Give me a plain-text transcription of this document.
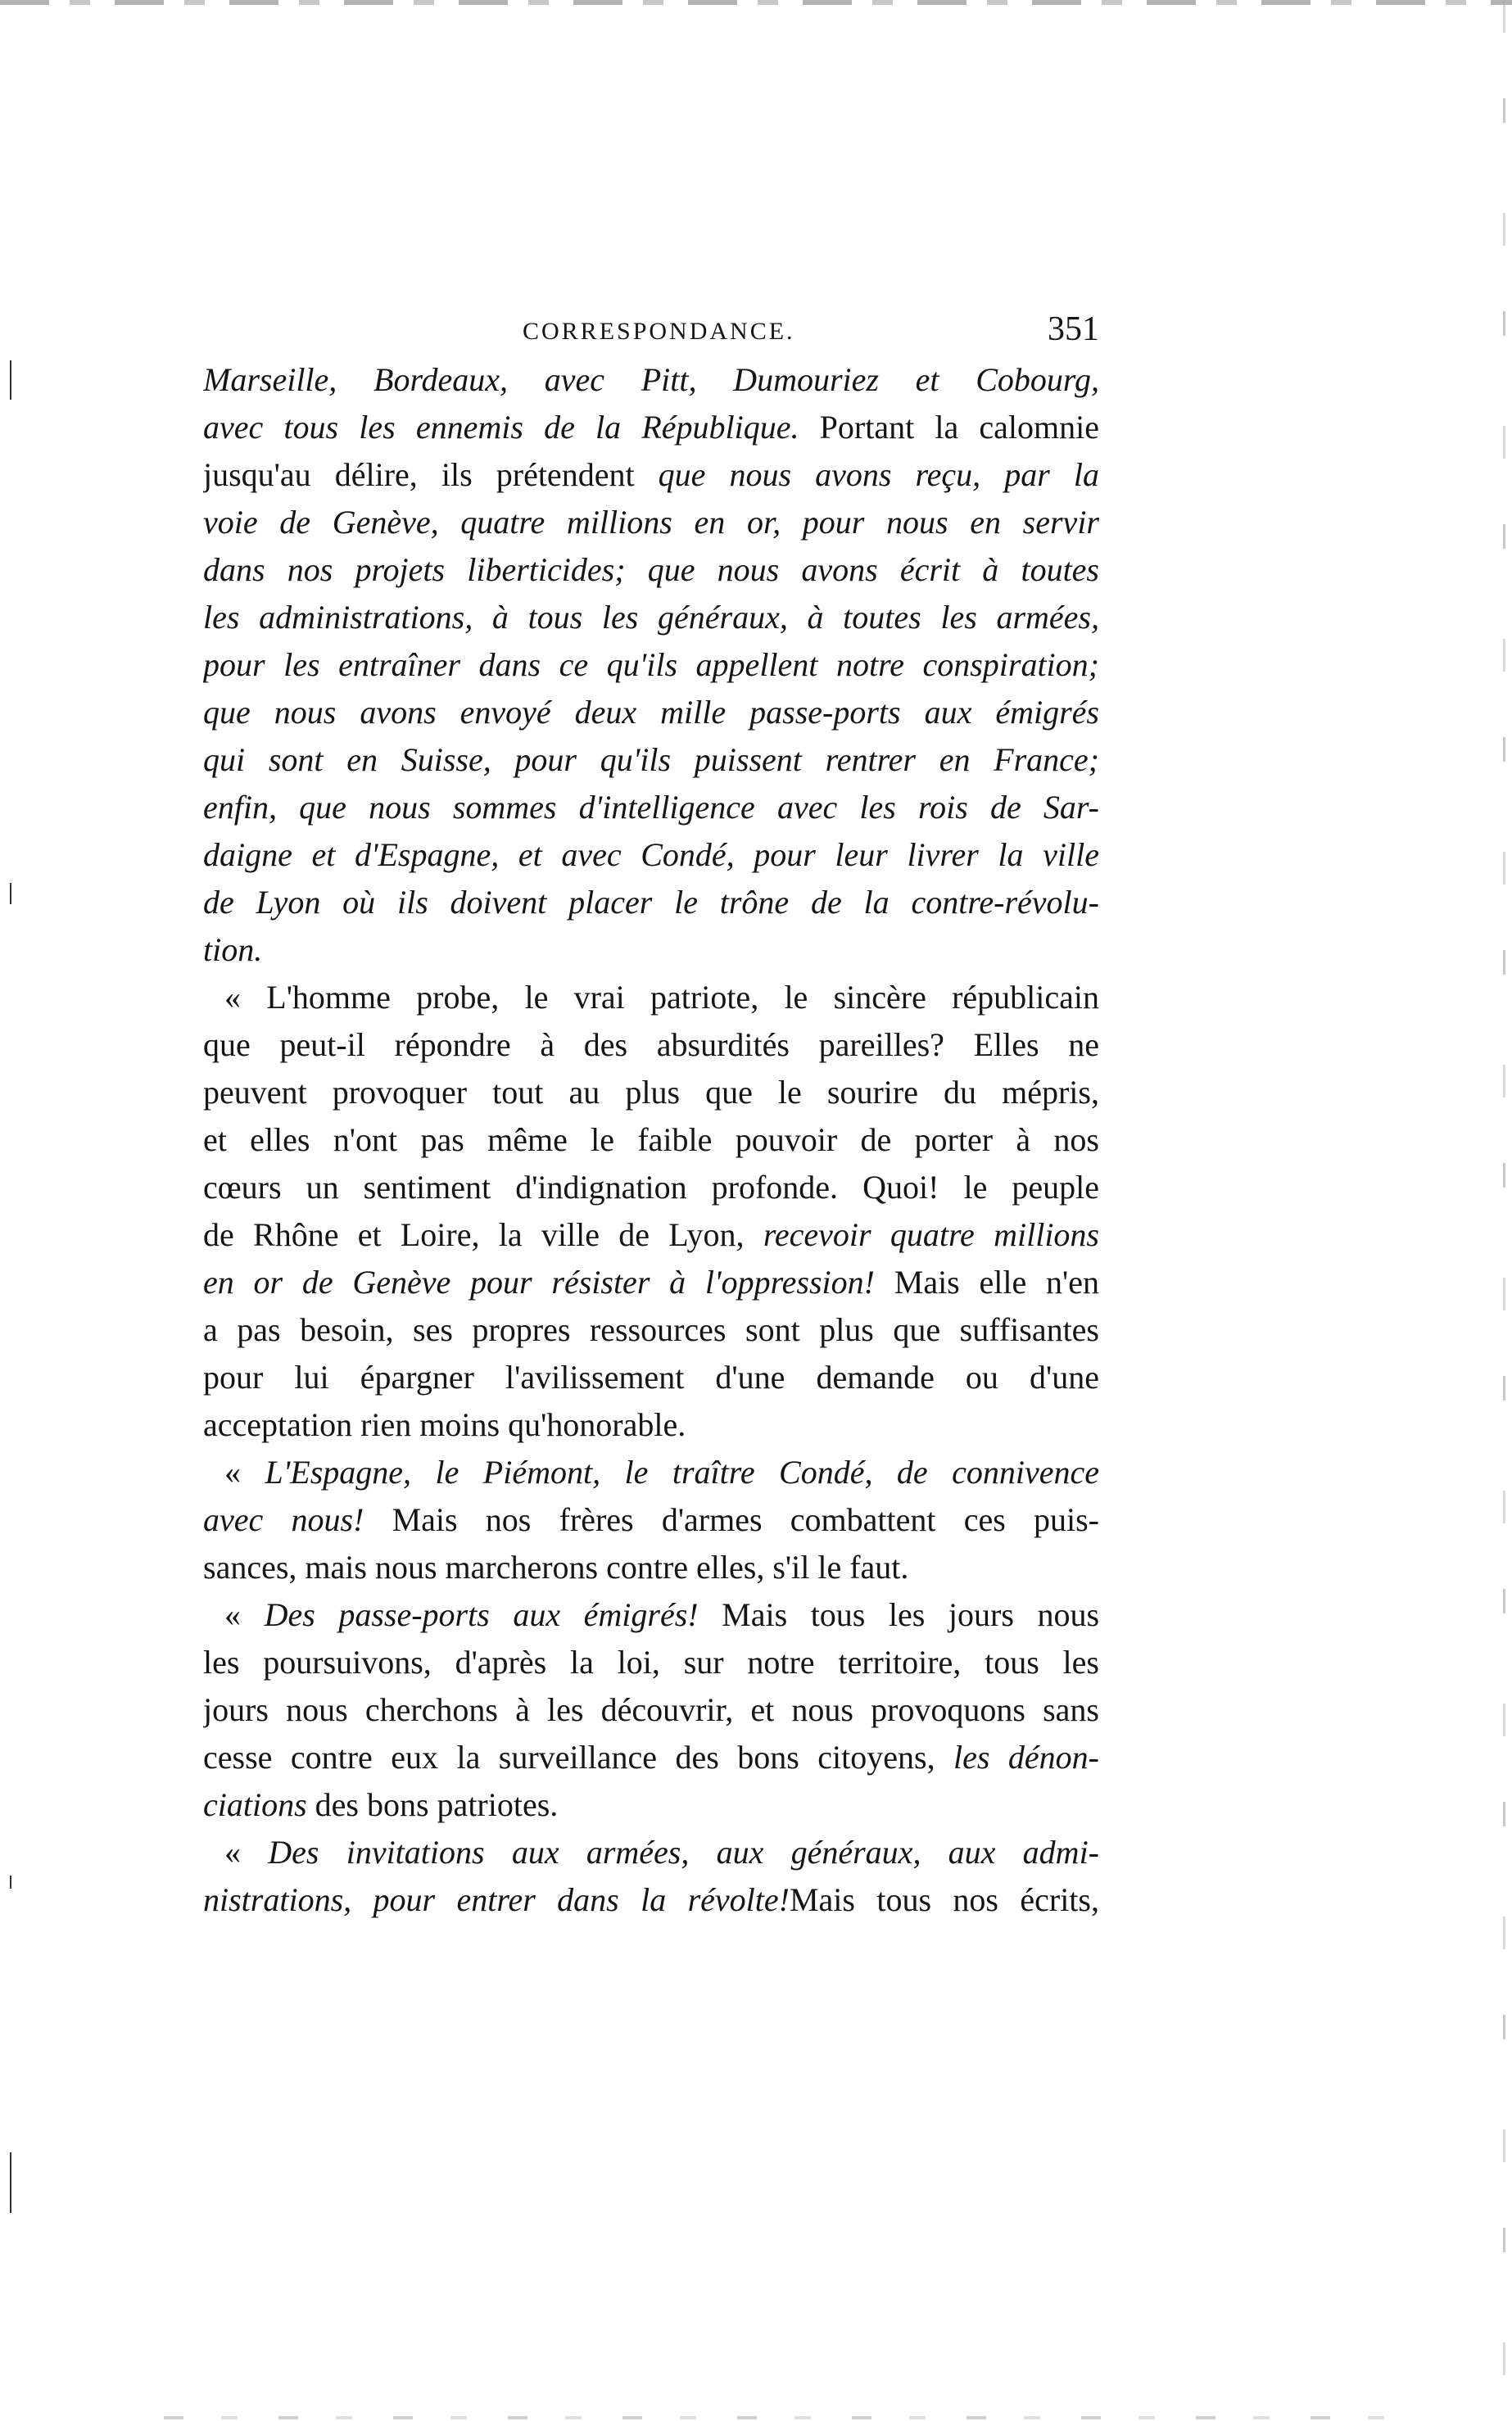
CORRESPONDANCE.	351
Marseille, Bordeaux, avec Pitt, Dumouriez et Cobourg,
avec tous les ennemis de la République. Portant la calomnie
jusqu'au délire, ils prétendent que nous avons reçu, par la
voie de Genève, quatre millions en or, pour nous en servir
dans nos projets liberticides; que nous avons écrit à toutes
les administrations, à tous les généraux, à toutes les armées,
pour les entraîner dans ce qu'ils appellent notre conspiration;
que nous avons envoyé deux mille passe-ports aux émigrés
qui sont en Suisse, pour qu'ils puissent rentrer en France;
enfin, que nous sommes d'intelligence avec les rois de Sar-
daigne et d'Espagne, et avec Condé, pour leur livrer la ville
de Lyon où ils doivent placer le trône de la contre-révolu-
tion.
« L'homme probe, le vrai patriote, le sincère républicain
que peut-il répondre à des absurdités pareilles? Elles ne
peuvent provoquer tout au plus que le sourire du mépris,
et elles n'ont pas même le faible pouvoir de porter à nos
cœurs un sentiment d'indignation profonde. Quoi! le peuple
de Rhône et Loire, la ville de Lyon, recevoir quatre millions
en or de Genève pour résister à l'oppression! Mais elle n'en
a pas besoin, ses propres ressources sont plus que suffisantes
pour lui épargner l'avilissement d'une demande ou d'une
acceptation rien moins qu'honorable.
« L'Espagne, le Piémont, le traître Condé, de connivence
avec nous! Mais nos frères d'armes combattent ces puis-
sances, mais nous marcherons contre elles, s'il le faut.
« Des passe-ports aux émigrés! Mais tous les jours nous
les poursuivons, d'après la loi, sur notre territoire, tous les
jours nous cherchons à les découvrir, et nous provoquons sans
cesse contre eux la surveillance des bons citoyens, les dénon-
ciations des bons patriotes.
« Des invitations aux armées, aux généraux, aux admi-
nistrations, pour entrer dans la révolte!Mais tous nos écrits,
